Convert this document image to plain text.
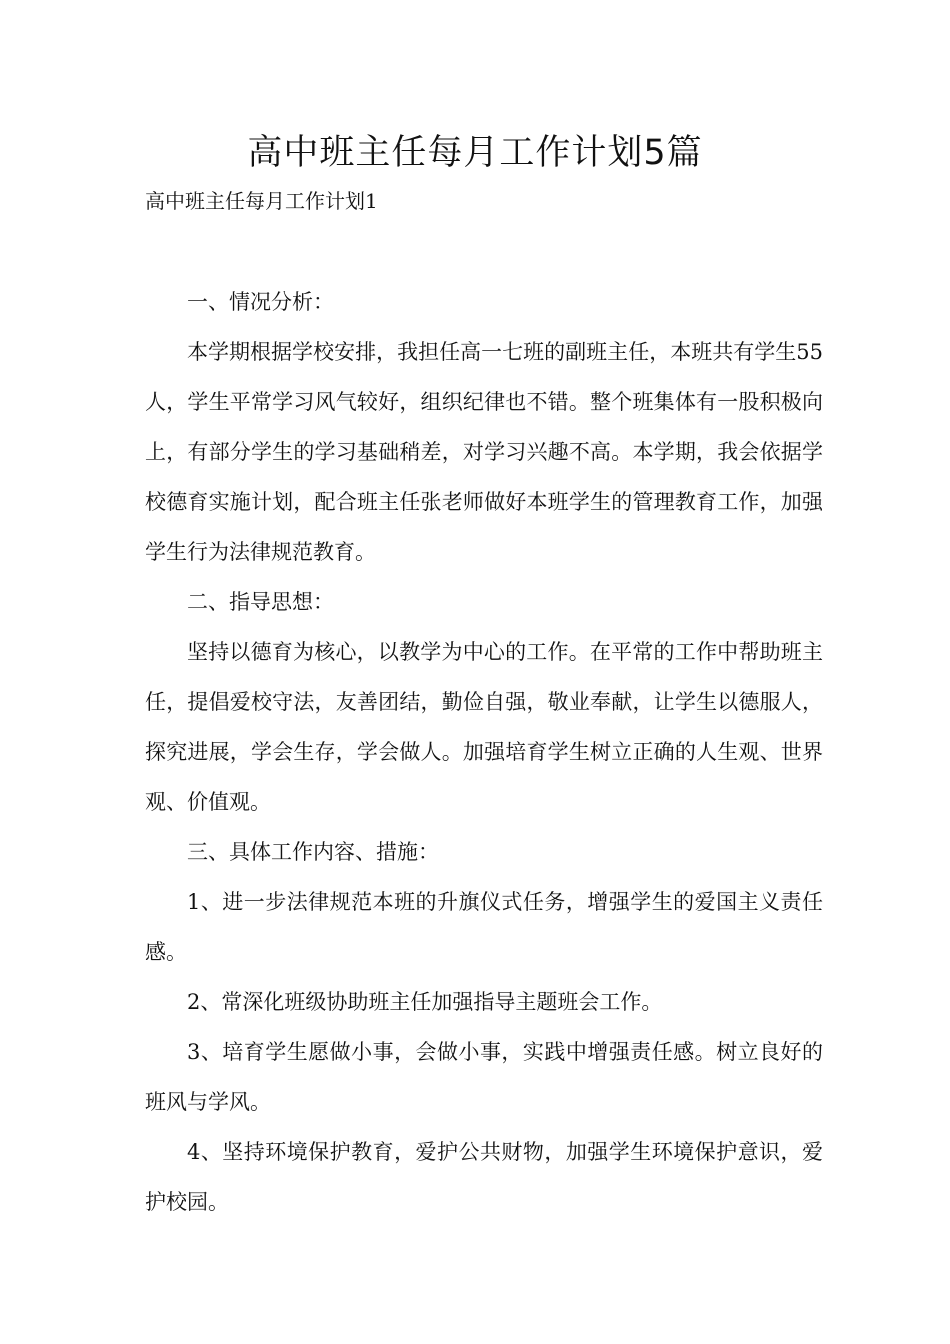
高中班主任每月工作计划5篇
高中班主任每月工作计划1

一、情况分析：

本学期根据学校安排，我担任高一七班的副班主任，本班共有学生55人，学生平常学习风气较好，组织纪律也不错。整个班集体有一股积极向上，有部分学生的学习基础稍差，对学习兴趣不高。本学期，我会依据学校德育实施计划，配合班主任张老师做好本班学生的管理教育工作，加强学生行为法律规范教育。

二、指导思想：

坚持以德育为核心，以教学为中心的工作。在平常的工作中帮助班主任，提倡爱校守法，友善团结，勤俭自强，敬业奉献，让学生以德服人，探究进展，学会生存，学会做人。加强培育学生树立正确的人生观、世界观、价值观。

三、具体工作内容、措施：

1、进一步法律规范本班的升旗仪式任务，增强学生的爱国主义责任感。

2、常深化班级协助班主任加强指导主题班会工作。

3、培育学生愿做小事，会做小事，实践中增强责任感。树立良好的班风与学风。

4、坚持环境保护教育，爱护公共财物，加强学生环境保护意识，爱护校园。
